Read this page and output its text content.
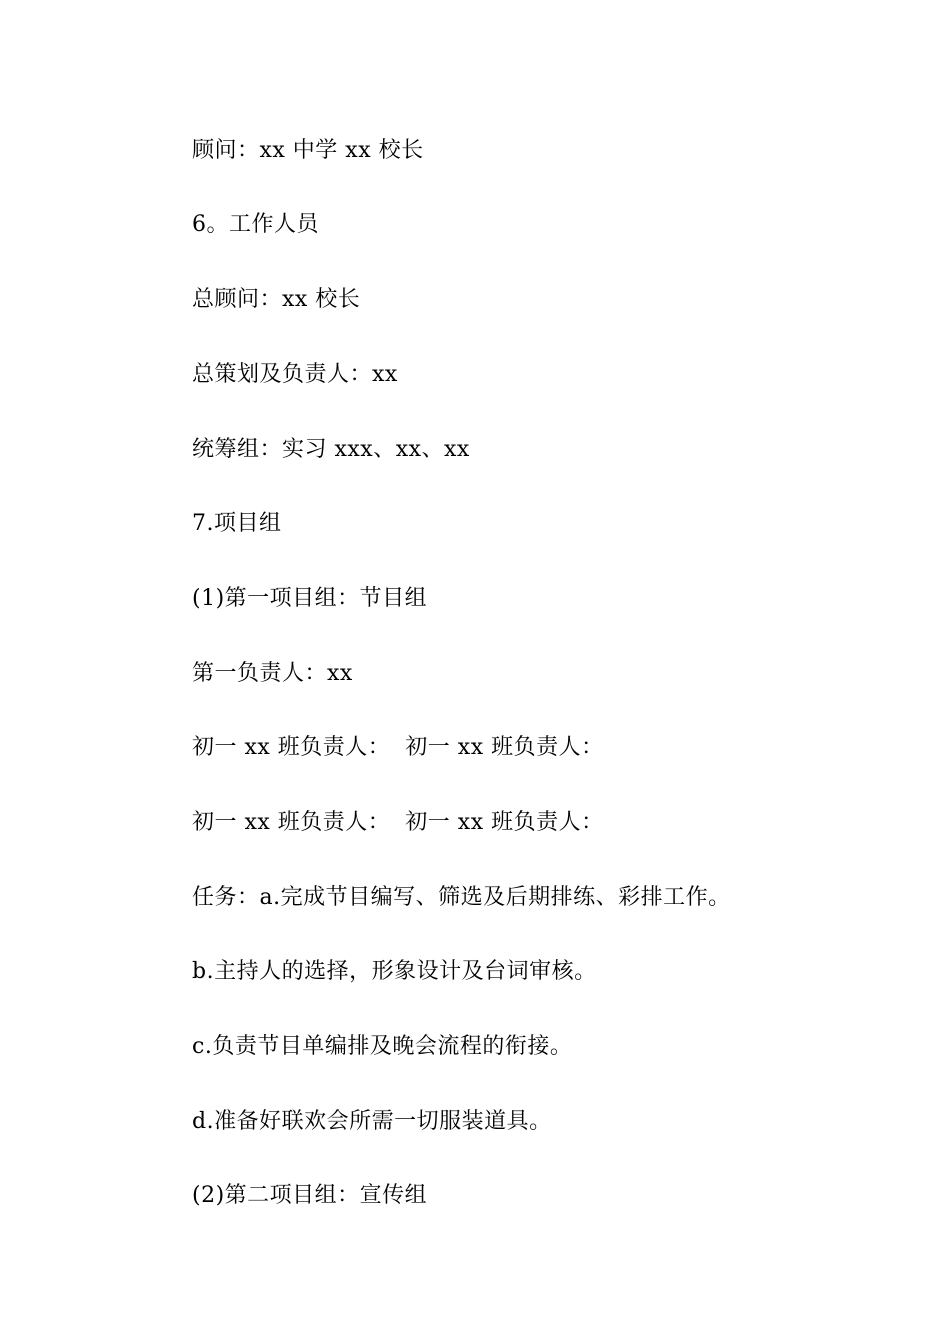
顾问：xx 中学 xx 校长
6。工作人员
总顾问：xx 校长
总策划及负责人：xx
统筹组：实习 xxx、xx、xx
7.项目组
(1)第一项目组：节目组
第一负责人：xx
初一 xx 班负责人：  初一 xx 班负责人：
初一 xx 班负责人：  初一 xx 班负责人：
任务：a.完成节目编写、筛选及后期排练、彩排工作。
b.主持人的选择，形象设计及台词审核。
c.负责节目单编排及晚会流程的衔接。
d.准备好联欢会所需一切服装道具。
(2)第二项目组：宣传组
